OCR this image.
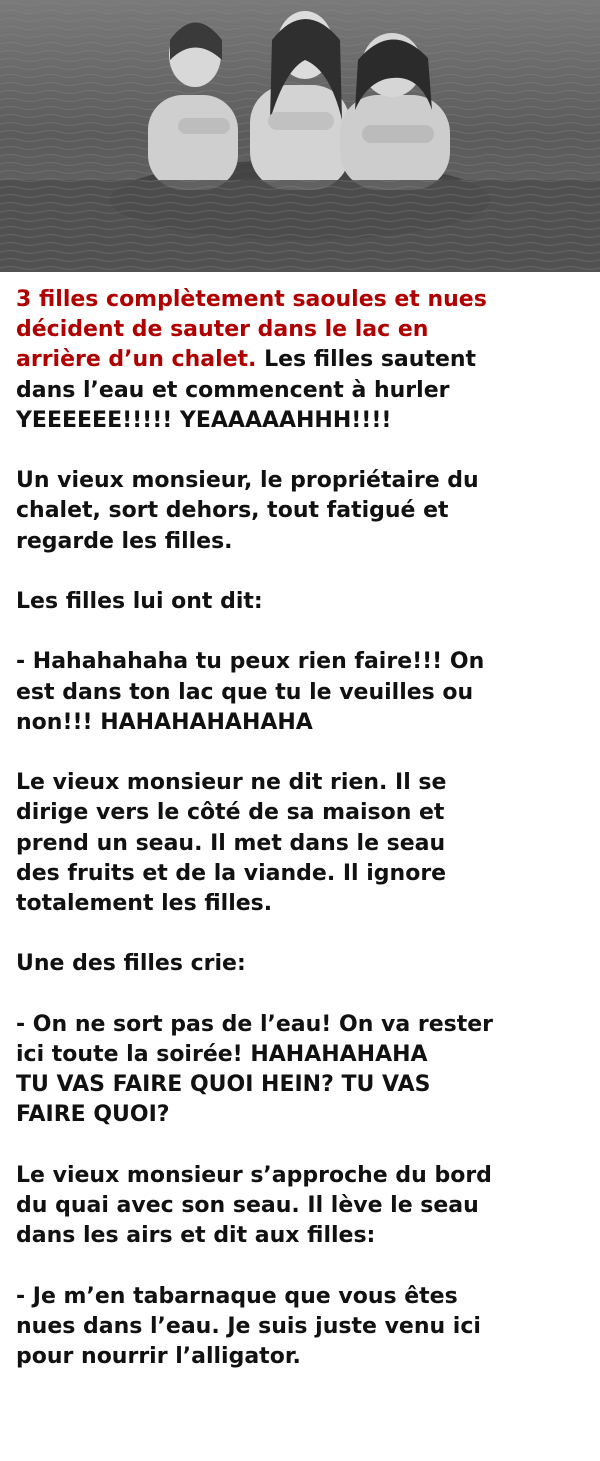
3 filles complètement saoules et nues
décident de sauter dans le lac en
arrière d’un chalet. Les filles sautent
dans l’eau et commencent à hurler
YEEEEEE!!!!! YEAAAAAHHH!!!!

Un vieux monsieur, le propriétaire du
chalet, sort dehors, tout fatigué et
regarde les filles.

Les filles lui ont dit:

- Hahahahaha tu peux rien faire!!! On
est dans ton lac que tu le veuilles ou
non!!! HAHAHAHAHAHA

Le vieux monsieur ne dit rien. Il se
dirige vers le côté de sa maison et
prend un seau. Il met dans le seau
des fruits et de la viande. Il ignore
totalement les filles.

Une des filles crie:

- On ne sort pas de l’eau! On va rester
ici toute la soirée! HAHAHAHAHA
TU VAS FAIRE QUOI HEIN? TU VAS
FAIRE QUOI?

Le vieux monsieur s’approche du bord
du quai avec son seau. Il lève le seau
dans les airs et dit aux filles:

- Je m’en tabarnaque que vous êtes
nues dans l’eau. Je suis juste venu ici
pour nourrir l’alligator.
